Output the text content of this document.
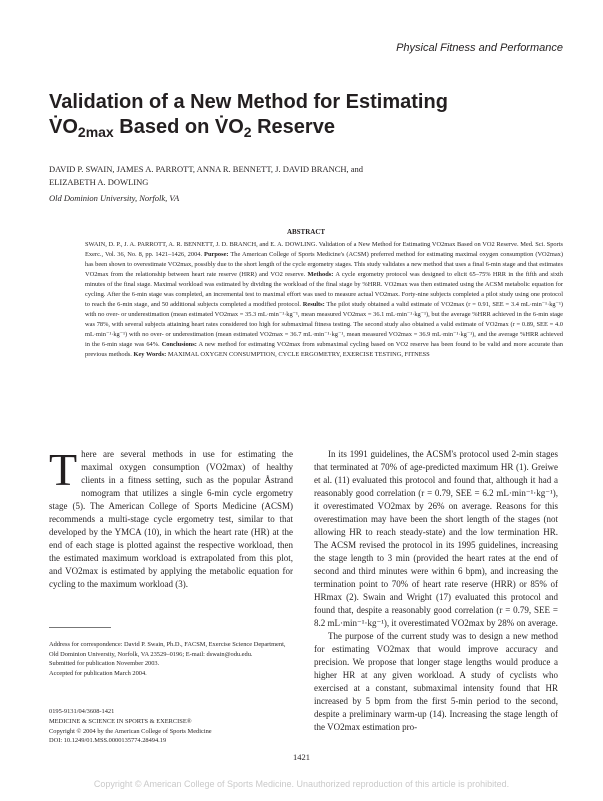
Physical Fitness and Performance
Validation of a New Method for Estimating
$V̇O_{2max}$ Based on $V̇O_2$ Reserve
DAVID P. SWAIN, JAMES A. PARROTT, ANNA R. BENNETT, J. DAVID BRANCH, and
ELIZABETH A. DOWLING
Old Dominion University, Norfolk, VA
ABSTRACT

SWAIN, D. P., J. A. PARROTT, A. R. BENNETT, J. D. BRANCH, and E. A. DOWLING. Validation of a New Method for Estimating VO2max Based on VO2 Reserve. Med. Sci. Sports Exerc., Vol. 36, No. 8, pp. 1421–1426, 2004. Purpose: The American College of Sports Medicine's (ACSM) preferred method for estimating maximal oxygen consumption (VO2max) has been shown to overestimate VO2max, possibly due to the short length of the cycle ergometry stages. This study validates a new method that uses a final 6-min stage and that estimates VO2max from the relationship between heart rate reserve (HRR) and VO2 reserve. Methods: A cycle ergometry protocol was designed to elicit 65–75% HRR in the fifth and sixth minutes of the final stage. Maximal workload was estimated by dividing the workload of the final stage by %HRR. VO2max was then estimated using the ACSM metabolic equation for cycling. After the 6-min stage was completed, an incremental test to maximal effort was used to measure actual VO2max. Forty-nine subjects completed a pilot study using one protocol to reach the 6-min stage, and 50 additional subjects completed a modified protocol. Results: The pilot study obtained a valid estimate of VO2max (r = 0.91, SEE = 3.4 mL·min⁻¹·kg⁻¹) with no over- or underestimation (mean estimated VO2max = 35.3 mL·min⁻¹·kg⁻¹, mean measured VO2max = 36.1 mL·min⁻¹·kg⁻¹), but the average %HRR achieved in the 6-min stage was 78%, with several subjects attaining heart rates considered too high for submaximal fitness testing. The second study also obtained a valid estimate of VO2max (r = 0.89, SEE = 4.0 mL·min⁻¹·kg⁻¹) with no over- or underestimation (mean estimated VO2max = 36.7 mL·min⁻¹·kg⁻¹, mean measured VO2max = 36.9 mL·min⁻¹·kg⁻¹), and the average %HRR achieved in the 6-min stage was 64%. Conclusions: A new method for estimating VO2max from submaximal cycling based on VO2 reserve has been found to be valid and more accurate than previous methods. Key Words: MAXIMAL OXYGEN CONSUMPTION, CYCLE ERGOMETRY, EXERCISE TESTING, FITNESS

T here are several methods in use for estimating the maximal oxygen consumption (VO2max) of healthy clients in a fitness setting, such as the popular Åstrand nomogram that utilizes a single 6-min cycle ergometry stage (5). The American College of Sports Medicine (ACSM) recommends a multi-stage cycle ergometry test, similar to that developed by the YMCA (10), in which the heart rate (HR) at the end of each stage is plotted against the respective workload, then the estimated maximum workload is extrapolated from this plot, and VO2max is estimated by applying the metabolic equation for cycling to the maximum workload (3).

In its 1991 guidelines, the ACSM's protocol used 2-min stages that terminated at 70% of age-predicted maximum HR (1). Greiwe et al. (11) evaluated this protocol and found that, although it had a reasonably good correlation (r = 0.79, SEE = 6.2 mL·min⁻¹·kg⁻¹), it overestimated VO2max by 26% on average. Reasons for this overestimation may have been the short length of the stages (not allowing HR to reach steady-state) and the low termination HR. The ACSM revised the protocol in its 1995 guidelines, increasing the stage length to 3 min (provided the heart rates at the end of second and third minutes were within 6 bpm), and increasing the termination point to 70% of heart rate reserve (HRR) or 85% of HRmax (2). Swain and Wright (17) evaluated this protocol and found that, despite a reasonably good correlation (r = 0.79, SEE = 8.2 mL·min⁻¹·kg⁻¹), it overestimated VO2max by 28% on average.

The purpose of the current study was to design a new method for estimating VO2max that would improve accuracy and precision. We propose that longer stage lengths would produce a higher HR at any given workload. A study of cyclists who exercised at a constant, submaximal intensity found that HR increased by 5 bpm from the first 5-min period to the second, despite a preliminary warm-up (14). Increasing the stage length of the VO2max estimation pro-

Address for correspondence: David P. Swain, Ph.D., FACSM, Exercise Science Department, Old Dominion University, Norfolk, VA 23529–0196; E-mail: dswain@odu.edu.

Submitted for publication November 2003.

Accepted for publication March 2004.

0195-9131/04/3608-1421

MEDICINE & SCIENCE IN SPORTS & EXERCISE®

Copyright © 2004 by the American College of Sports Medicine

DOI: 10.1249/01.MSS.0000135774.28494.19

1421
Copyright © American College of Sports Medicine. Unauthorized reproduction of this article is prohibited.
